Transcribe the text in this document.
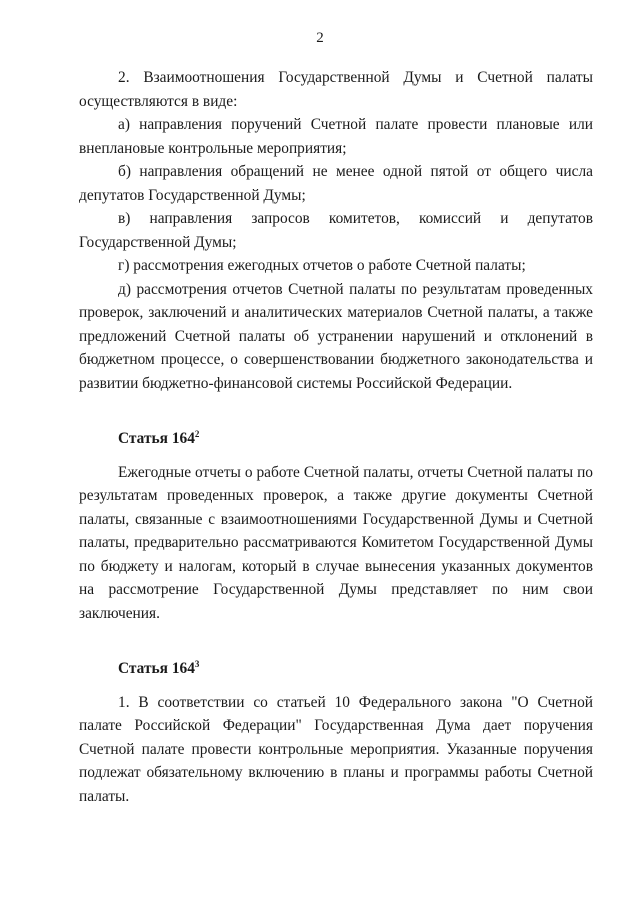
2

2. Взаимоотношения Государственной Думы и Счетной палаты осуществляются в виде:

а) направления поручений Счетной палате провести плановые или внеплановые контрольные мероприятия;

б) направления обращений не менее одной пятой от общего числа депутатов Государственной Думы;

в) направления запросов комитетов, комиссий и депутатов Государственной Думы;

г) рассмотрения ежегодных отчетов о работе Счетной палаты;

д) рассмотрения отчетов Счетной палаты по результатам проведенных проверок, заключений и аналитических материалов Счетной палаты, а также предложений Счетной палаты об устранении нарушений и отклонений в бюджетном процессе, о совершенствовании бюджетного законодательства и развитии бюджетно-финансовой системы Российской Федерации.

Статья $164^2$

Ежегодные отчеты о работе Счетной палаты, отчеты Счетной палаты по результатам проведенных проверок, а также другие документы Счетной палаты, связанные с взаимоотношениями Государственной Думы и Счетной палаты, предварительно рассматриваются Комитетом Государственной Думы по бюджету и налогам, который в случае вынесения указанных документов на рассмотрение Государственной Думы представляет по ним свои заключения.

Статья $164^3$

1. В соответствии со статьей 10 Федерального закона "О Счетной палате Российской Федерации" Государственная Дума дает поручения Счетной палате провести контрольные мероприятия. Указанные поручения подлежат обязательному включению в планы и программы работы Счетной палаты.
